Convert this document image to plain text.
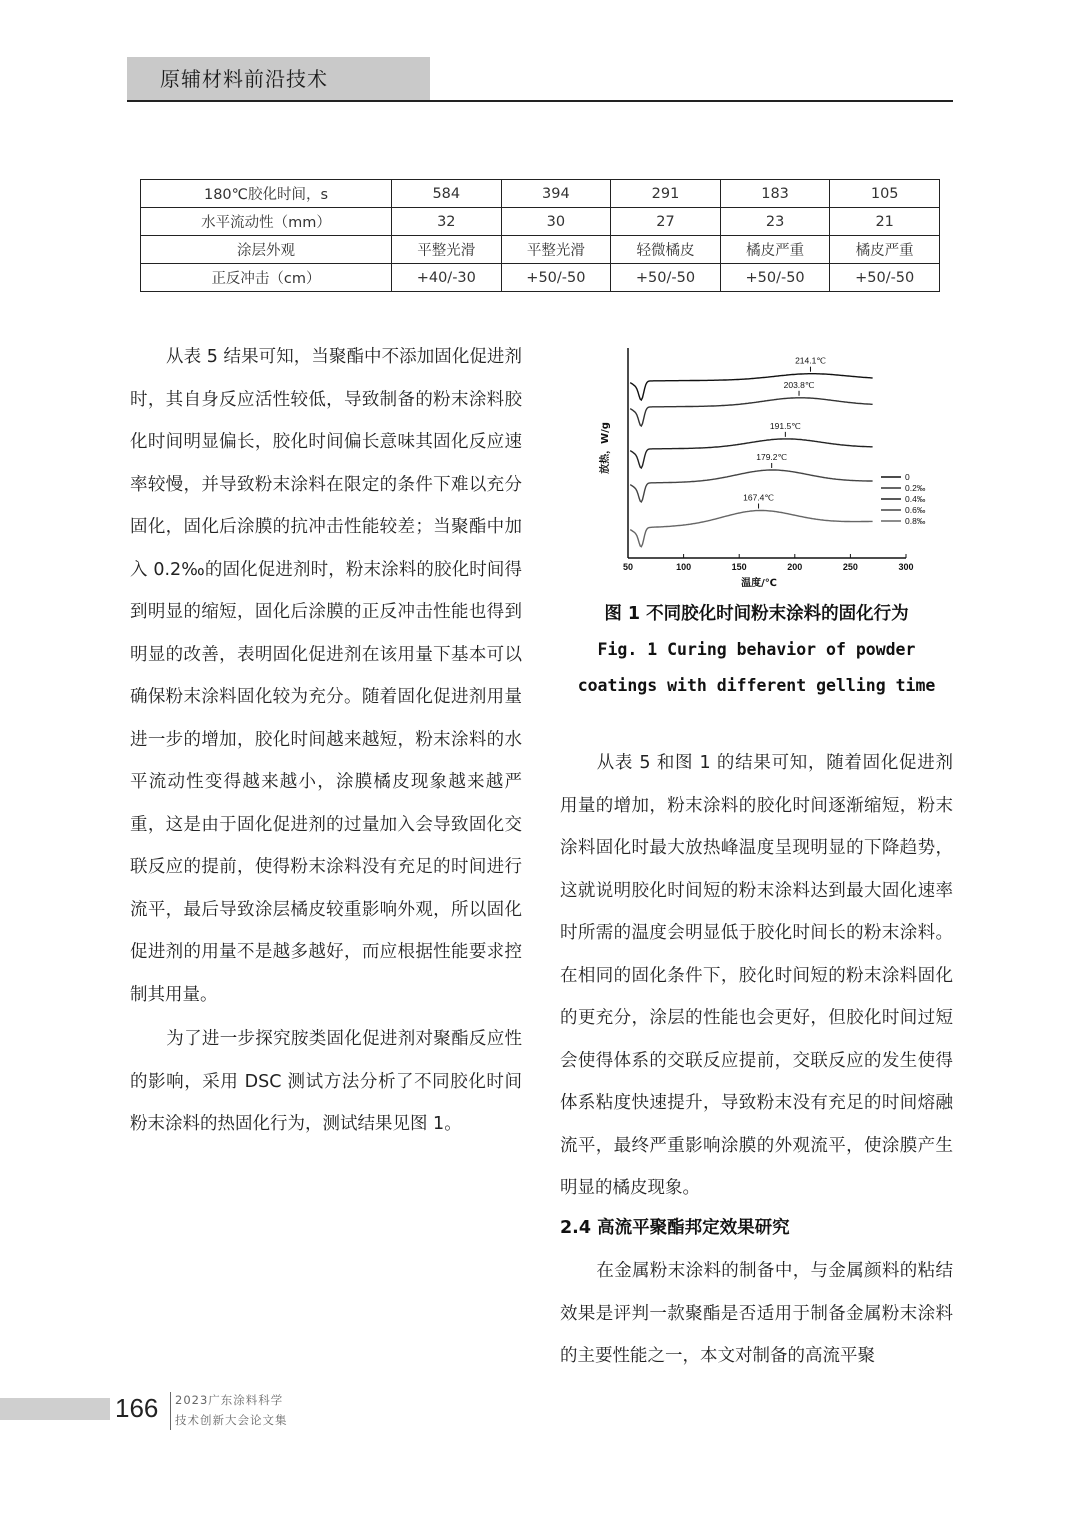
原辅材料前沿技术
180℃胶化时间，s	584	394	291	183	105
水平流动性（mm）	32	30	27	23	21
涂层外观	平整光滑	平整光滑	轻微橘皮	橘皮严重	橘皮严重
正反冲击（cm）	+40/-30	+50/-50	+50/-50	+50/-50	+50/-50
从表 5 结果可知，当聚酯中不添加固化促进剂时，其自身反应活性较低，导致制备的粉末涂料胶化时间明显偏长，胶化时间偏长意味其固化反应速率较慢，并导致粉末涂料在限定的条件下难以充分固化，固化后涂膜的抗冲击性能较差；当聚酯中加入 0.2‰的固化促进剂时，粉末涂料的胶化时间得到明显的缩短，固化后涂膜的正反冲击性能也得到明显的改善，表明固化促进剂在该用量下基本可以确保粉末涂料固化较为充分。随着固化促进剂用量进一步的增加，胶化时间越来越短，粉末涂料的水平流动性变得越来越小，涂膜橘皮现象越来越严重，这是由于固化促进剂的过量加入会导致固化交联反应的提前，使得粉末涂料没有充足的时间进行流平，最后导致涂层橘皮较重影响外观，所以固化促进剂的用量不是越多越好，而应根据性能要求控制其用量。
为了进一步探究胺类固化促进剂对聚酯反应性的影响，采用 DSC 测试方法分析了不同胶化时间粉末涂料的热固化行为，测试结果见图 1。
214.1℃
203.8℃
191.5℃
179.2℃
167.4℃
50	100	150	200	250	300
温度/℃
放热，W/g
0
0.2‰
0.4‰
0.6‰
0.8‰
图 1 不同胶化时间粉末涂料的固化行为
Fig. 1 Curing behavior of powder
coatings with different gelling time
从表 5 和图 1 的结果可知，随着固化促进剂用量的增加，粉末涂料的胶化时间逐渐缩短，粉末涂料固化时最大放热峰温度呈现明显的下降趋势，这就说明胶化时间短的粉末涂料达到最大固化速率时所需的温度会明显低于胶化时间长的粉末涂料。在相同的固化条件下，胶化时间短的粉末涂料固化的更充分，涂层的性能也会更好，但胶化时间过短会使得体系的交联反应提前，交联反应的发生使得体系粘度快速提升，导致粉末没有充足的时间熔融流平，最终严重影响涂膜的外观流平，使涂膜产生明显的橘皮现象。
2.4 高流平聚酯邦定效果研究
在金属粉末涂料的制备中，与金属颜料的粘结效果是评判一款聚酯是否适用于制备金属粉末涂料的主要性能之一，本文对制备的高流平聚
166 2023广东涂料科学
技术创新大会论文集
